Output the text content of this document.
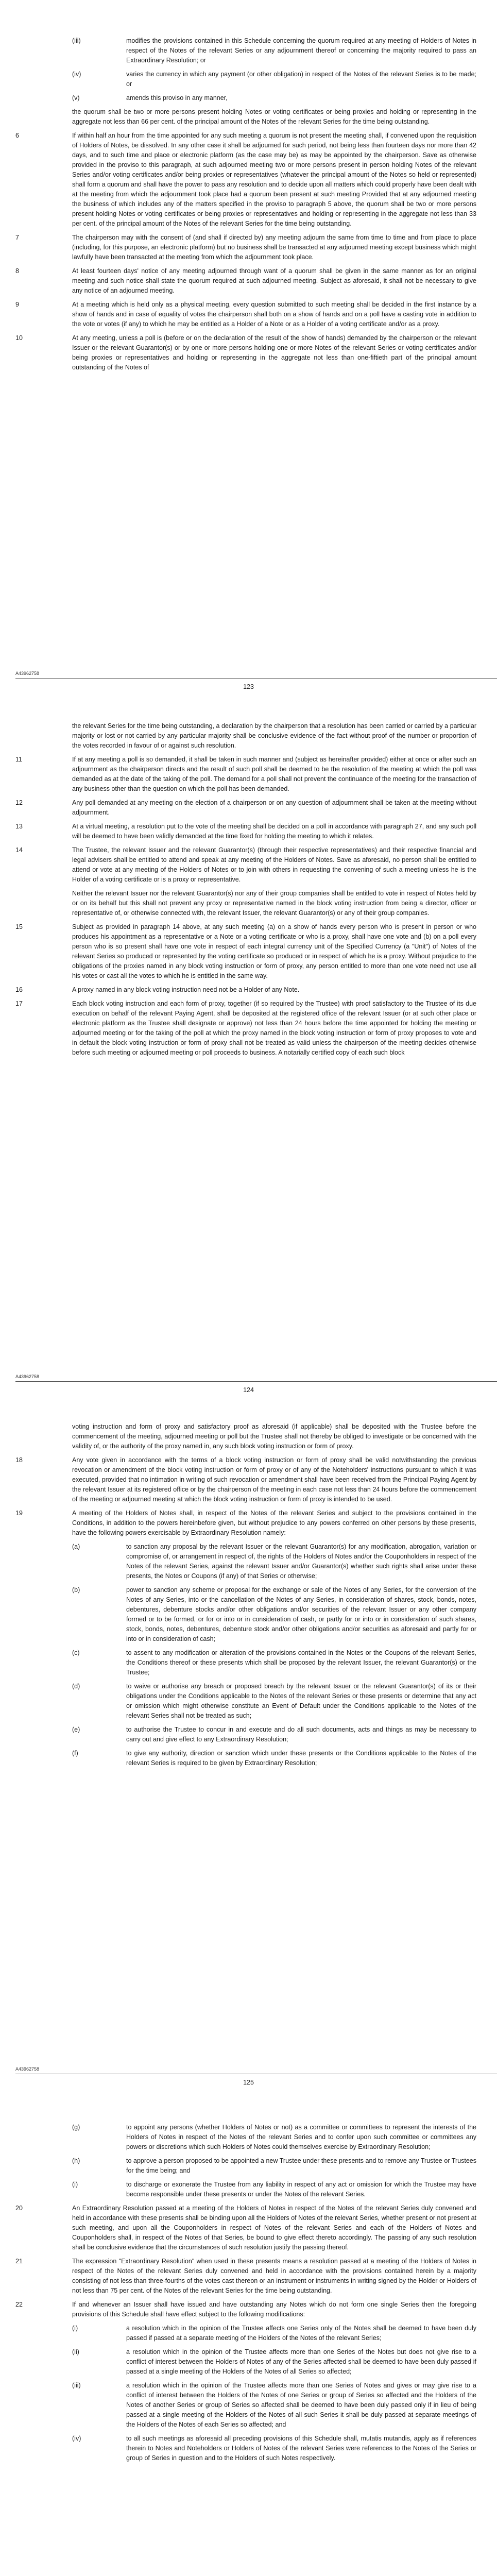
(iii)	modifies the provisions contained in this Schedule concerning the quorum required at any meeting of Holders of Notes in respect of the Notes of the relevant Series or any adjournment thereof or concerning the majority required to pass an Extraordinary Resolution; or
(iv)	varies the currency in which any payment (or other obligation) in respect of the Notes of the relevant Series is to be made; or
(v)	amends this proviso in any manner,
the quorum shall be two or more persons present holding Notes or voting certificates or being proxies and holding or representing in the aggregate not less than 66 per cent. of the principal amount of the Notes of the relevant Series for the time being outstanding.
6	If within half an hour from the time appointed for any such meeting a quorum is not present the meeting shall, if convened upon the requisition of Holders of Notes, be dissolved. In any other case it shall be adjourned for such period, not being less than fourteen days nor more than 42 days, and to such time and place or electronic platform (as the case may be) as may be appointed by the chairperson. Save as otherwise provided in the proviso to this paragraph, at such adjourned meeting two or more persons present in person holding Notes of the relevant Series and/or voting certificates and/or being proxies or representatives (whatever the principal amount of the Notes so held or represented) shall form a quorum and shall have the power to pass any resolution and to decide upon all matters which could properly have been dealt with at the meeting from which the adjournment took place had a quorum been present at such meeting Provided that at any adjourned meeting the business of which includes any of the matters specified in the proviso to paragraph 5 above, the quorum shall be two or more persons present holding Notes or voting certificates or being proxies or representatives and holding or representing in the aggregate not less than 33 per cent. of the principal amount of the Notes of the relevant Series for the time being outstanding.
7	The chairperson may with the consent of (and shall if directed by) any meeting adjourn the same from time to time and from place to place (including, for this purpose, an electronic platform) but no business shall be transacted at any adjourned meeting except business which might lawfully have been transacted at the meeting from which the adjournment took place.
8	At least fourteen days' notice of any meeting adjourned through want of a quorum shall be given in the same manner as for an original meeting and such notice shall state the quorum required at such adjourned meeting. Subject as aforesaid, it shall not be necessary to give any notice of an adjourned meeting.
9	At a meeting which is held only as a physical meeting, every question submitted to such meeting shall be decided in the first instance by a show of hands and in case of equality of votes the chairperson shall both on a show of hands and on a poll have a casting vote in addition to the vote or votes (if any) to which he may be entitled as a Holder of a Note or as a Holder of a voting certificate and/or as a proxy.
10	At any meeting, unless a poll is (before or on the declaration of the result of the show of hands) demanded by the chairperson or the relevant Issuer or the relevant Guarantor(s) or by one or more persons holding one or more Notes of the relevant Series or voting certificates and/or being proxies or representatives and holding or representing in the aggregate not less than one-fiftieth part of the principal amount outstanding of the Notes of
A43962758
123
the relevant Series for the time being outstanding, a declaration by the chairperson that a resolution has been carried or carried by a particular majority or lost or not carried by any particular majority shall be conclusive evidence of the fact without proof of the number or proportion of the votes recorded in favour of or against such resolution.
11	If at any meeting a poll is so demanded, it shall be taken in such manner and (subject as hereinafter provided) either at once or after such an adjournment as the chairperson directs and the result of such poll shall be deemed to be the resolution of the meeting at which the poll was demanded as at the date of the taking of the poll. The demand for a poll shall not prevent the continuance of the meeting for the transaction of any business other than the question on which the poll has been demanded.
12	Any poll demanded at any meeting on the election of a chairperson or on any question of adjournment shall be taken at the meeting without adjournment.
13	At a virtual meeting, a resolution put to the vote of the meeting shall be decided on a poll in accordance with paragraph 27, and any such poll will be deemed to have been validly demanded at the time fixed for holding the meeting to which it relates.
14	The Trustee, the relevant Issuer and the relevant Guarantor(s) (through their respective representatives) and their respective financial and legal advisers shall be entitled to attend and speak at any meeting of the Holders of Notes. Save as aforesaid, no person shall be entitled to attend or vote at any meeting of the Holders of Notes or to join with others in requesting the convening of such a meeting unless he is the Holder of a voting certificate or is a proxy or representative.
Neither the relevant Issuer nor the relevant Guarantor(s) nor any of their group companies shall be entitled to vote in respect of Notes held by or on its behalf but this shall not prevent any proxy or representative named in the block voting instruction from being a director, officer or representative of, or otherwise connected with, the relevant Issuer, the relevant Guarantor(s) or any of their group companies.
15	Subject as provided in paragraph 14 above, at any such meeting (a) on a show of hands every person who is present in person or who produces his appointment as a representative or a Note or a voting certificate or who is a proxy, shall have one vote and (b) on a poll every person who is so present shall have one vote in respect of each integral currency unit of the Specified Currency (a "Unit") of Notes of the relevant Series so produced or represented by the voting certificate so produced or in respect of which he is a proxy. Without prejudice to the obligations of the proxies named in any block voting instruction or form of proxy, any person entitled to more than one vote need not use all his votes or cast all the votes to which he is entitled in the same way.
16	A proxy named in any block voting instruction need not be a Holder of any Note.
17	Each block voting instruction and each form of proxy, together (if so required by the Trustee) with proof satisfactory to the Trustee of its due execution on behalf of the relevant Paying Agent, shall be deposited at the registered office of the relevant Issuer (or at such other place or electronic platform as the Trustee shall designate or approve) not less than 24 hours before the time appointed for holding the meeting or adjourned meeting or for the taking of the poll at which the proxy named in the block voting instruction or form of proxy proposes to vote and in default the block voting instruction or form of proxy shall not be treated as valid unless the chairperson of the meeting decides otherwise before such meeting or adjourned meeting or poll proceeds to business. A notarially certified copy of each such block
A43962758
124
voting instruction and form of proxy and satisfactory proof as aforesaid (if applicable) shall be deposited with the Trustee before the commencement of the meeting, adjourned meeting or poll but the Trustee shall not thereby be obliged to investigate or be concerned with the validity of, or the authority of the proxy named in, any such block voting instruction or form of proxy.
18	Any vote given in accordance with the terms of a block voting instruction or form of proxy shall be valid notwithstanding the previous revocation or amendment of the block voting instruction or form of proxy or of any of the Noteholders' instructions pursuant to which it was executed, provided that no intimation in writing of such revocation or amendment shall have been received from the Principal Paying Agent by the relevant Issuer at its registered office or by the chairperson of the meeting in each case not less than 24 hours before the commencement of the meeting or adjourned meeting at which the block voting instruction or form of proxy is intended to be used.
19	A meeting of the Holders of Notes shall, in respect of the Notes of the relevant Series and subject to the provisions contained in the Conditions, in addition to the powers hereinbefore given, but without prejudice to any powers conferred on other persons by these presents, have the following powers exercisable by Extraordinary Resolution namely:
(a)	to sanction any proposal by the relevant Issuer or the relevant Guarantor(s) for any modification, abrogation, variation or compromise of, or arrangement in respect of, the rights of the Holders of Notes and/or the Couponholders in respect of the Notes of the relevant Series, against the relevant Issuer and/or Guarantor(s) whether such rights shall arise under these presents, the Notes or Coupons (if any) of that Series or otherwise;
(b)	power to sanction any scheme or proposal for the exchange or sale of the Notes of any Series, for the conversion of the Notes of any Series, into or the cancellation of the Notes of any Series, in consideration of shares, stock, bonds, notes, debentures, debenture stocks and/or other obligations and/or securities of the relevant Issuer or any other company formed or to be formed, or for or into or in consideration of cash, or partly for or into or in consideration of such shares, stock, bonds, notes, debentures, debenture stock and/or other obligations and/or securities as aforesaid and partly for or into or in consideration of cash;
(c)	to assent to any modification or alteration of the provisions contained in the Notes or the Coupons of the relevant Series, the Conditions thereof or these presents which shall be proposed by the relevant Issuer, the relevant Guarantor(s) or the Trustee;
(d)	to waive or authorise any breach or proposed breach by the relevant Issuer or the relevant Guarantor(s) of its or their obligations under the Conditions applicable to the Notes of the relevant Series or these presents or determine that any act or omission which might otherwise constitute an Event of Default under the Conditions applicable to the Notes of the relevant Series shall not be treated as such;
(e)	to authorise the Trustee to concur in and execute and do all such documents, acts and things as may be necessary to carry out and give effect to any Extraordinary Resolution;
(f)	to give any authority, direction or sanction which under these presents or the Conditions applicable to the Notes of the relevant Series is required to be given by Extraordinary Resolution;
A43962758
125
(g)	to appoint any persons (whether Holders of Notes or not) as a committee or committees to represent the interests of the Holders of Notes in respect of the Notes of the relevant Series and to confer upon such committee or committees any powers or discretions which such Holders of Notes could themselves exercise by Extraordinary Resolution;
(h)	to approve a person proposed to be appointed a new Trustee under these presents and to remove any Trustee or Trustees for the time being; and
(i)	to discharge or exonerate the Trustee from any liability in respect of any act or omission for which the Trustee may have become responsible under these presents or under the Notes of the relevant Series.
20	An Extraordinary Resolution passed at a meeting of the Holders of Notes in respect of the Notes of the relevant Series duly convened and held in accordance with these presents shall be binding upon all the Holders of Notes of the relevant Series, whether present or not present at such meeting, and upon all the Couponholders in respect of Notes of the relevant Series and each of the Holders of Notes and Couponholders shall, in respect of the Notes of that Series, be bound to give effect thereto accordingly. The passing of any such resolution shall be conclusive evidence that the circumstances of such resolution justify the passing thereof.
21	The expression "Extraordinary Resolution" when used in these presents means a resolution passed at a meeting of the Holders of Notes in respect of the Notes of the relevant Series duly convened and held in accordance with the provisions contained herein by a majority consisting of not less than three-fourths of the votes cast thereon or an instrument or instruments in writing signed by the Holder or Holders of not less than 75 per cent. of the Notes of the relevant Series for the time being outstanding.
22	If and whenever an Issuer shall have issued and have outstanding any Notes which do not form one single Series then the foregoing provisions of this Schedule shall have effect subject to the following modifications:
(i)	a resolution which in the opinion of the Trustee affects one Series only of the Notes shall be deemed to have been duly passed if passed at a separate meeting of the Holders of the Notes of the relevant Series;
(ii)	a resolution which in the opinion of the Trustee affects more than one Series of the Notes but does not give rise to a conflict of interest between the Holders of Notes of any of the Series affected shall be deemed to have been duly passed if passed at a single meeting of the Holders of the Notes of all Series so affected;
(iii)	a resolution which in the opinion of the Trustee affects more than one Series of Notes and gives or may give rise to a conflict of interest between the Holders of the Notes of one Series or group of Series so affected and the Holders of the Notes of another Series or group of Series so affected shall be deemed to have been duly passed only if in lieu of being passed at a single meeting of the Holders of the Notes of all such Series it shall be duly passed at separate meetings of the Holders of the Notes of each Series so affected; and
(iv)	to all such meetings as aforesaid all preceding provisions of this Schedule shall, mutatis mutandis, apply as if references therein to Notes and Noteholders or Holders of Notes of the relevant Series were references to the Notes of the Series or group of Series in question and to the Holders of such Notes respectively.
